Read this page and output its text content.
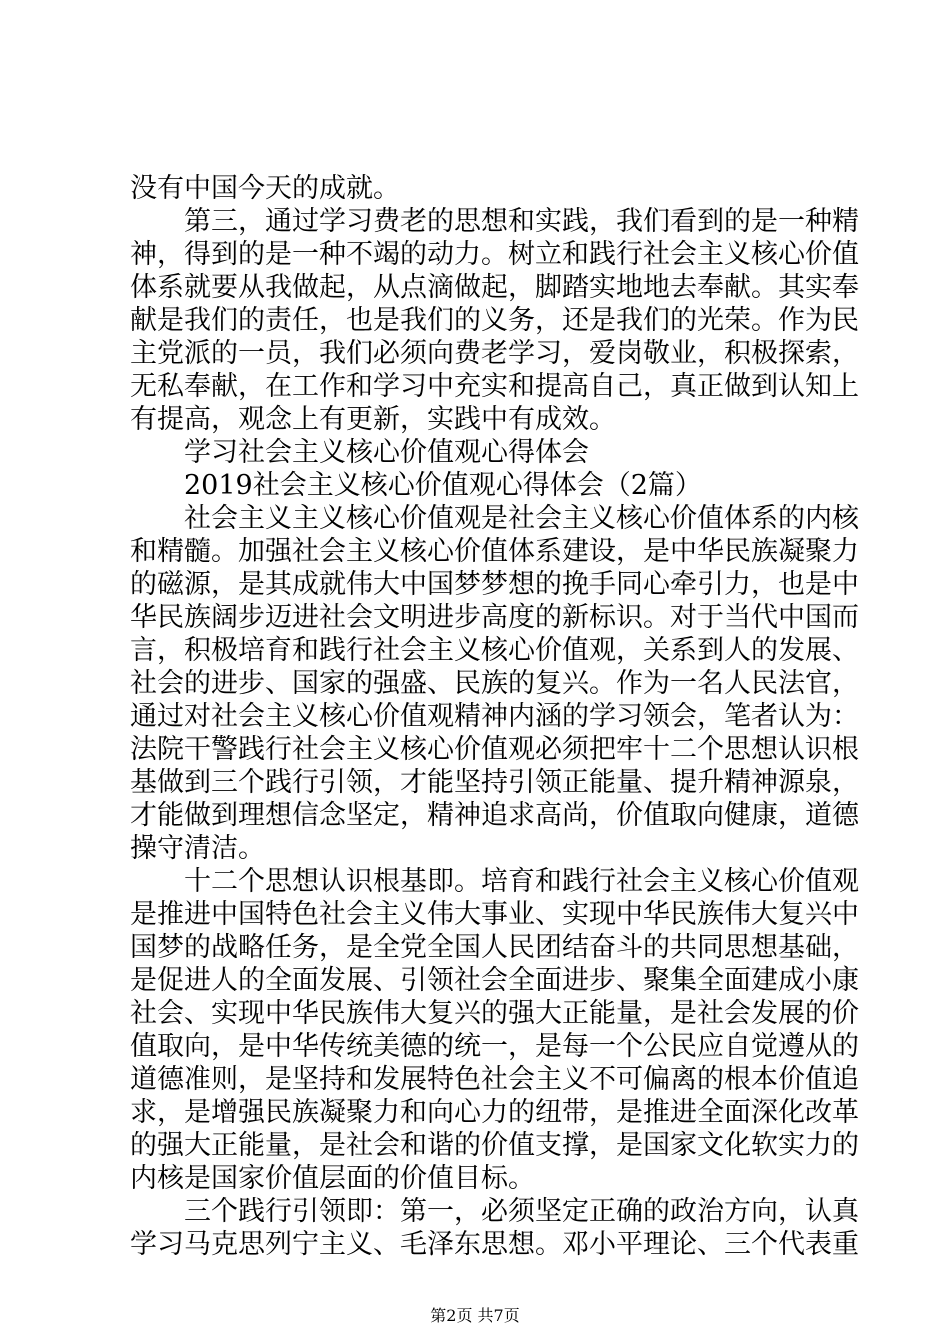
没有中国今天的成就。
第三，通过学习费老的思想和实践，我们看到的是一种精
神，得到的是一种不竭的动力。树立和践行社会主义核心价值
体系就要从我做起，从点滴做起，脚踏实地地去奉献。其实奉
献是我们的责任，也是我们的义务，还是我们的光荣。作为民
主党派的一员，我们必须向费老学习，爱岗敬业，积极探索，
无私奉献，在工作和学习中充实和提高自己，真正做到认知上
有提高，观念上有更新，实践中有成效。
学习社会主义核心价值观心得体会
2019社会主义核心价值观心得体会（2篇）
社会主义主义核心价值观是社会主义核心价值体系的内核
和精髓。加强社会主义核心价值体系建设，是中华民族凝聚力
的磁源，是其成就伟大中国梦梦想的挽手同心牵引力，也是中
华民族阔步迈进社会文明进步高度的新标识。对于当代中国而
言，积极培育和践行社会主义核心价值观，关系到人的发展、
社会的进步、国家的强盛、民族的复兴。作为一名人民法官，
通过对社会主义核心价值观精神内涵的学习领会，笔者认为：
法院干警践行社会主义核心价值观必须把牢十二个思想认识根
基做到三个践行引领，才能坚持引领正能量、提升精神源泉，
才能做到理想信念坚定，精神追求高尚，价值取向健康，道德
操守清洁。
十二个思想认识根基即。培育和践行社会主义核心价值观
是推进中国特色社会主义伟大事业、实现中华民族伟大复兴中
国梦的战略任务，是全党全国人民团结奋斗的共同思想基础，
是促进人的全面发展、引领社会全面进步、聚集全面建成小康
社会、实现中华民族伟大复兴的强大正能量，是社会发展的价
值取向，是中华传统美德的统一，是每一个公民应自觉遵从的
道德准则，是坚持和发展特色社会主义不可偏离的根本价值追
求，是增强民族凝聚力和向心力的纽带，是推进全面深化改革
的强大正能量，是社会和谐的价值支撑，是国家文化软实力的
内核是国家价值层面的价值目标。
三个践行引领即：第一，必须坚定正确的政治方向，认真
学习马克思列宁主义、毛泽东思想。邓小平理论、三个代表重
第2页 共7页
